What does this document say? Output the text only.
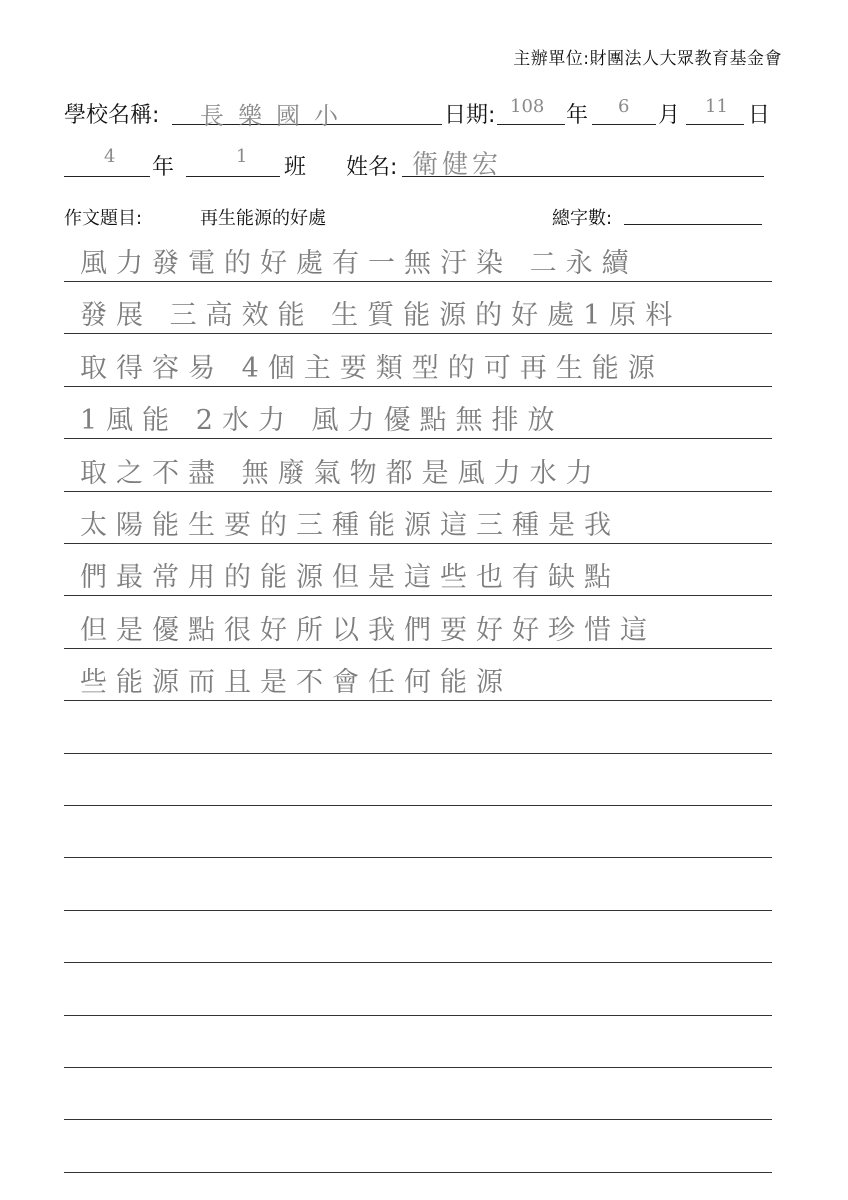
主辦單位:財團法人大眾教育基金會
學校名稱: 長樂國小	日期: 108 年 6 月 11 日
4 年	1 班 姓名: 衛健宏
作文題目:	再生能源的好處	總字數:
風力發電的好處有一無汙染 二永續
發展 三高效能 生質能源的好處1原料
取得容易 4個主要類型的可再生能源
1風能 2水力 風力優點無排放
取之不盡 無廢氣物都是風力水力
太陽能生要的三種能源這三種是我
們最常用的能源但是這些也有缺點
但是優點很好所以我們要好好珍惜這
些能源而且是不會任何能源
